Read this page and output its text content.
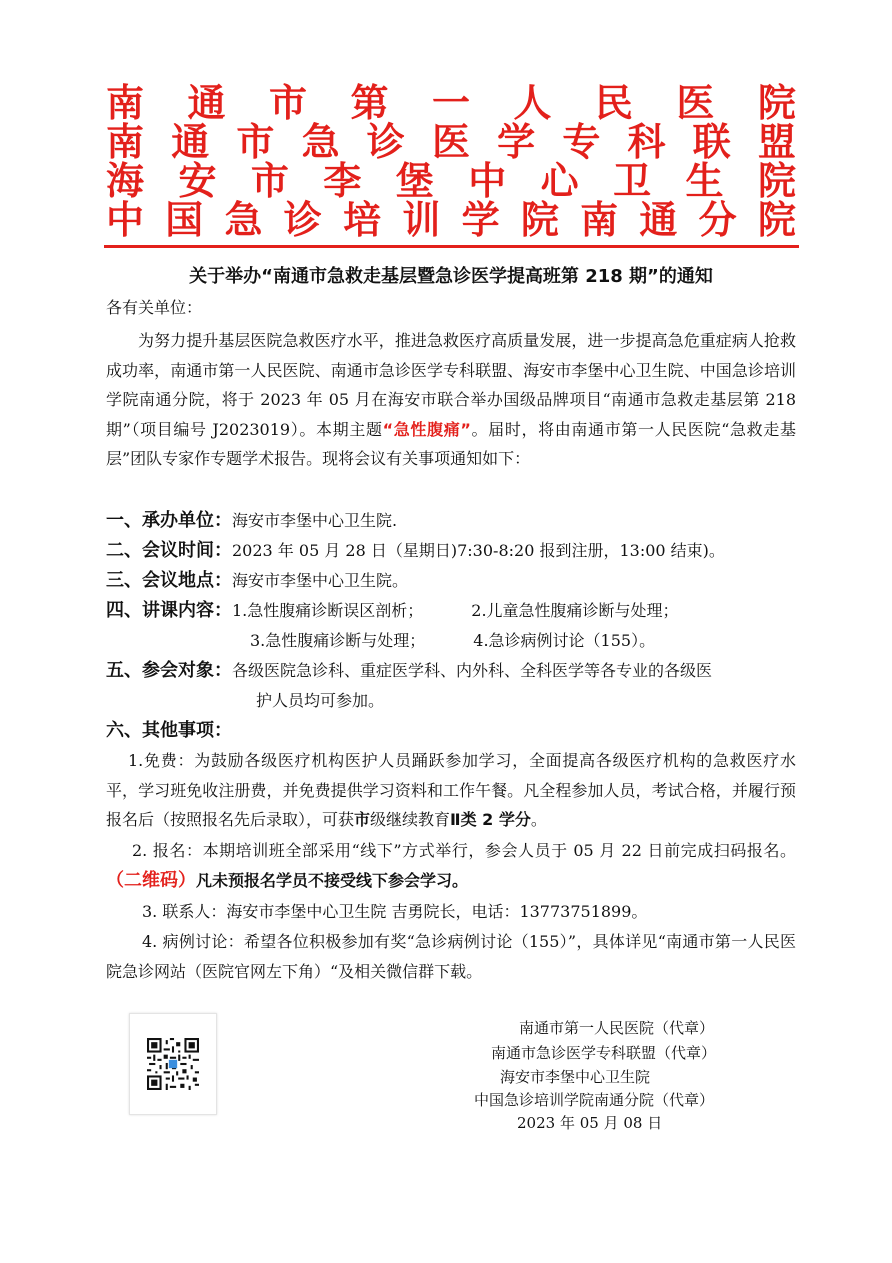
南 通 市 第 一 人 民 医 院
南 通 市 急 诊 医 学 专 科 联 盟
海 安 市 李 堡 中 心 卫 生 院
中 国 急 诊 培 训 学 院 南 通 分 院
关于举办“南通市急救走基层暨急诊医学提高班第 218 期”的通知
各有关单位：
为努力提升基层医院急救医疗水平，推进急救医疗高质量发展，进一步提高急危重症病人抢救成功率，南通市第一人民医院、南通市急诊医学专科联盟、海安市李堡中心卫生院、中国急诊培训学院南通分院，将于 2023 年 05 月在海安市联合举办国级品牌项目“南通市急救走基层第 218 期”（项目编号 J2023019）。本期主题“急性腹痛”。届时，将由南通市第一人民医院“急救走基层”团队专家作专题学术报告。现将会议有关事项通知如下：
一、承办单位：海安市李堡中心卫生院.
二、会议时间：2023 年 05 月 28 日（星期日)7:30-8:20 报到注册，13:00 结束)。
三、会议地点：海安市李堡中心卫生院。
四、讲课内容：1.急性腹痛诊断误区剖析；	2.儿童急性腹痛诊断与处理；
3.急性腹痛诊断与处理；	4.急诊病例讨论（155）。
五、参会对象：各级医院急诊科、重症医学科、内外科、全科医学等各专业的各级医
护人员均可参加。
六、其他事项：
1.免费：为鼓励各级医疗机构医护人员踊跃参加学习，全面提高各级医疗机构的急救医疗水平，学习班免收注册费，并免费提供学习资料和工作午餐。凡全程参加人员，考试合格，并履行预报名后（按照报名先后录取），可获市级继续教育Ⅱ类 2 学分。
2. 报名：本期培训班全部采用“线下”方式举行，参会人员于 05 月 22 日前完成扫码报名。（二维码）凡未预报名学员不接受线下参会学习。
3. 联系人：海安市李堡中心卫生院 吉勇院长，电话：13773751899。
4. 病例讨论：希望各位积极参加有奖“急诊病例讨论（155）”，具体详见“南通市第一人民医院急诊网站（医院官网左下角）“及相关微信群下载。
南通市第一人民医院（代章）
南通市急诊医学专科联盟（代章）
海安市李堡中心卫生院
中国急诊培训学院南通分院（代章）
2023 年 05 月 08 日
